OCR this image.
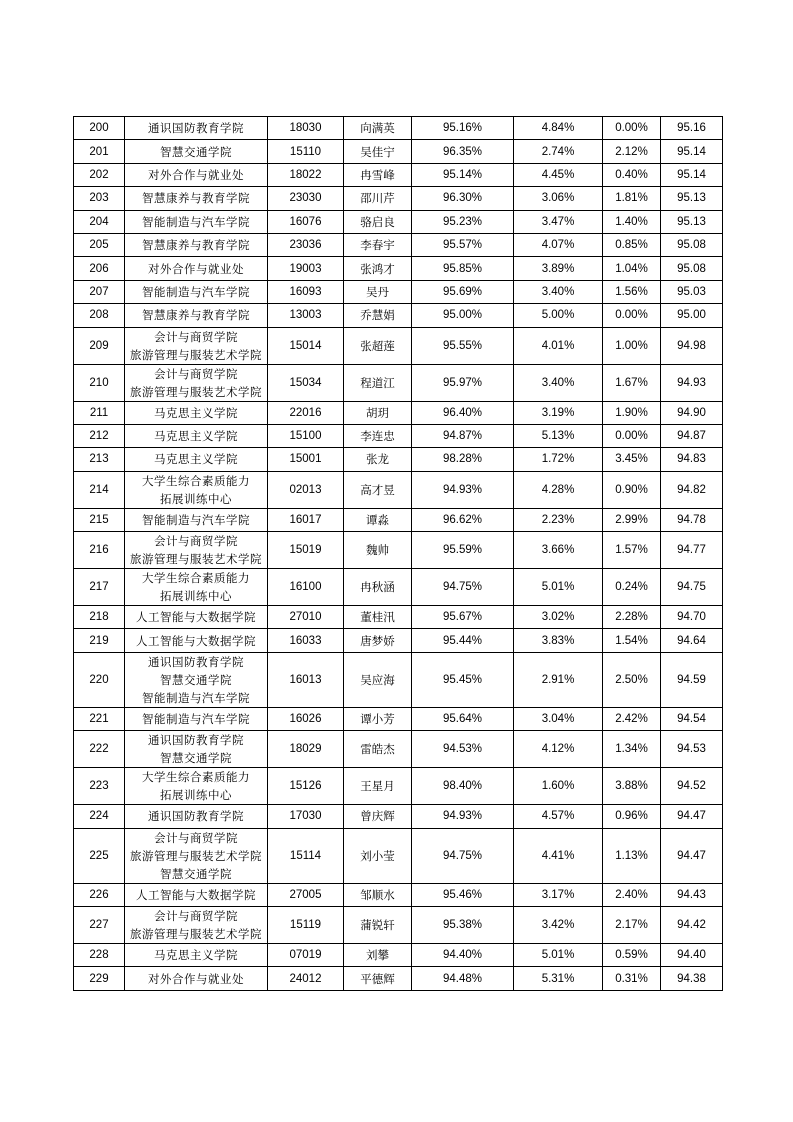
200	通识国防教育学院	18030	向满英	95.16%	4.84%	0.00%	95.16
201	智慧交通学院	15110	吴佳宁	96.35%	2.74%	2.12%	95.14
202	对外合作与就业处	18022	冉雪峰	95.14%	4.45%	0.40%	95.14
203	智慧康养与教育学院	23030	邵川芹	96.30%	3.06%	1.81%	95.13
204	智能制造与汽车学院	16076	骆启良	95.23%	3.47%	1.40%	95.13
205	智慧康养与教育学院	23036	李春宇	95.57%	4.07%	0.85%	95.08
206	对外合作与就业处	19003	张鸿才	95.85%	3.89%	1.04%	95.08
207	智能制造与汽车学院	16093	吴丹	95.69%	3.40%	1.56%	95.03
208	智慧康养与教育学院	13003	乔慧娟	95.00%	5.00%	0.00%	95.00
209	会计与商贸学院
旅游管理与服装艺术学院	15014	张超莲	95.55%	4.01%	1.00%	94.98
210	会计与商贸学院
旅游管理与服装艺术学院	15034	程道江	95.97%	3.40%	1.67%	94.93
211	马克思主义学院	22016	胡玥	96.40%	3.19%	1.90%	94.90
212	马克思主义学院	15100	李连忠	94.87%	5.13%	0.00%	94.87
213	马克思主义学院	15001	张龙	98.28%	1.72%	3.45%	94.83
214	大学生综合素质能力
拓展训练中心	02013	高才昱	94.93%	4.28%	0.90%	94.82
215	智能制造与汽车学院	16017	谭淼	96.62%	2.23%	2.99%	94.78
216	会计与商贸学院
旅游管理与服装艺术学院	15019	魏帅	95.59%	3.66%	1.57%	94.77
217	大学生综合素质能力
拓展训练中心	16100	冉秋涵	94.75%	5.01%	0.24%	94.75
218	人工智能与大数据学院	27010	董桂汛	95.67%	3.02%	2.28%	94.70
219	人工智能与大数据学院	16033	唐梦娇	95.44%	3.83%	1.54%	94.64
220	通识国防教育学院
智慧交通学院
智能制造与汽车学院	16013	吴应海	95.45%	2.91%	2.50%	94.59
221	智能制造与汽车学院	16026	谭小芳	95.64%	3.04%	2.42%	94.54
222	通识国防教育学院
智慧交通学院	18029	雷皓杰	94.53%	4.12%	1.34%	94.53
223	大学生综合素质能力
拓展训练中心	15126	王星月	98.40%	1.60%	3.88%	94.52
224	通识国防教育学院	17030	曾庆辉	94.93%	4.57%	0.96%	94.47
225	会计与商贸学院
旅游管理与服装艺术学院
智慧交通学院	15114	刘小莹	94.75%	4.41%	1.13%	94.47
226	人工智能与大数据学院	27005	邹顺水	95.46%	3.17%	2.40%	94.43
227	会计与商贸学院
旅游管理与服装艺术学院	15119	蒲锐轩	95.38%	3.42%	2.17%	94.42
228	马克思主义学院	07019	刘攀	94.40%	5.01%	0.59%	94.40
229	对外合作与就业处	24012	平德辉	94.48%	5.31%	0.31%	94.38
